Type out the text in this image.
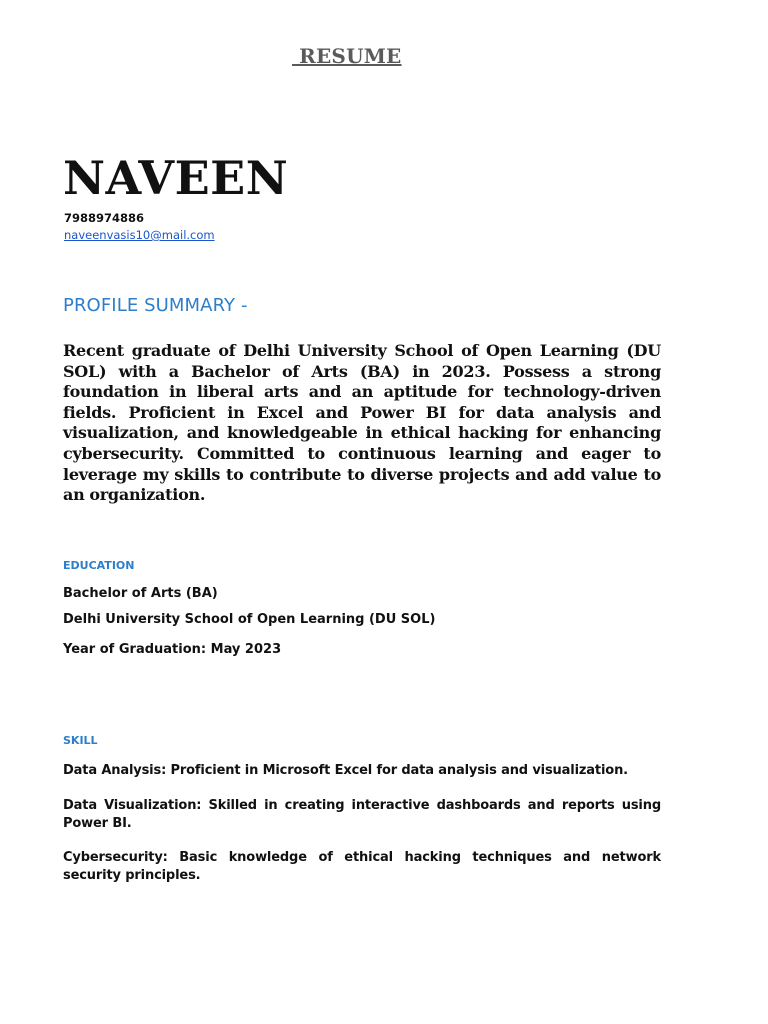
RESUME
NAVEEN
7988974886
naveenvasis10@mail.com
PROFILE SUMMARY -
Recent graduate of Delhi University School of Open Learning (DU SOL) with a Bachelor of Arts (BA) in 2023. Possess a strong foundation in liberal arts and an aptitude for technology-driven fields. Proficient in Excel and Power BI for data analysis and visualization, and knowledgeable in ethical hacking for enhancing cybersecurity. Committed to continuous learning and eager to leverage my skills to contribute to diverse projects and add value to an organization.
EDUCATION
Bachelor of Arts (BA)
Delhi University School of Open Learning (DU SOL)
Year of Graduation: May 2023
SKILL
Data Analysis: Proficient in Microsoft Excel for data analysis and visualization.
Data Visualization: Skilled in creating interactive dashboards and reports using Power BI.
Cybersecurity: Basic knowledge of ethical hacking techniques and network security principles.
